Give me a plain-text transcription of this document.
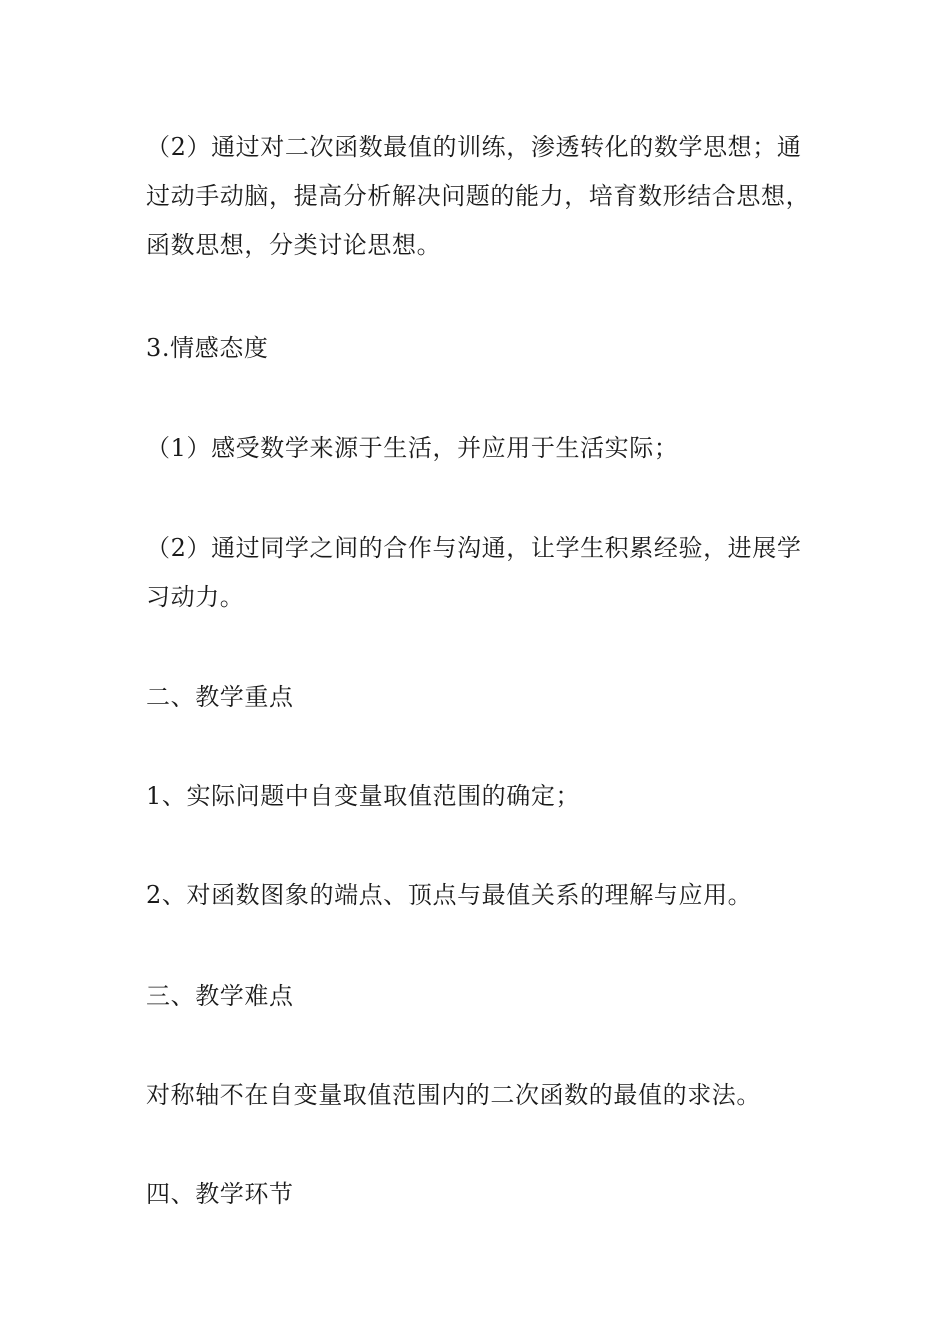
（2）通过对二次函数最值的训练，渗透转化的数学思想；通过动手动脑，提高分析解决问题的能力，培育数形结合思想，函数思想，分类讨论思想。

3.情感态度

（1）感受数学来源于生活，并应用于生活实际；

（2）通过同学之间的合作与沟通，让学生积累经验，进展学习动力。

二、教学重点

1、实际问题中自变量取值范围的确定；

2、对函数图象的端点、顶点与最值关系的理解与应用。

三、教学难点

对称轴不在自变量取值范围内的二次函数的最值的求法。

四、教学环节
